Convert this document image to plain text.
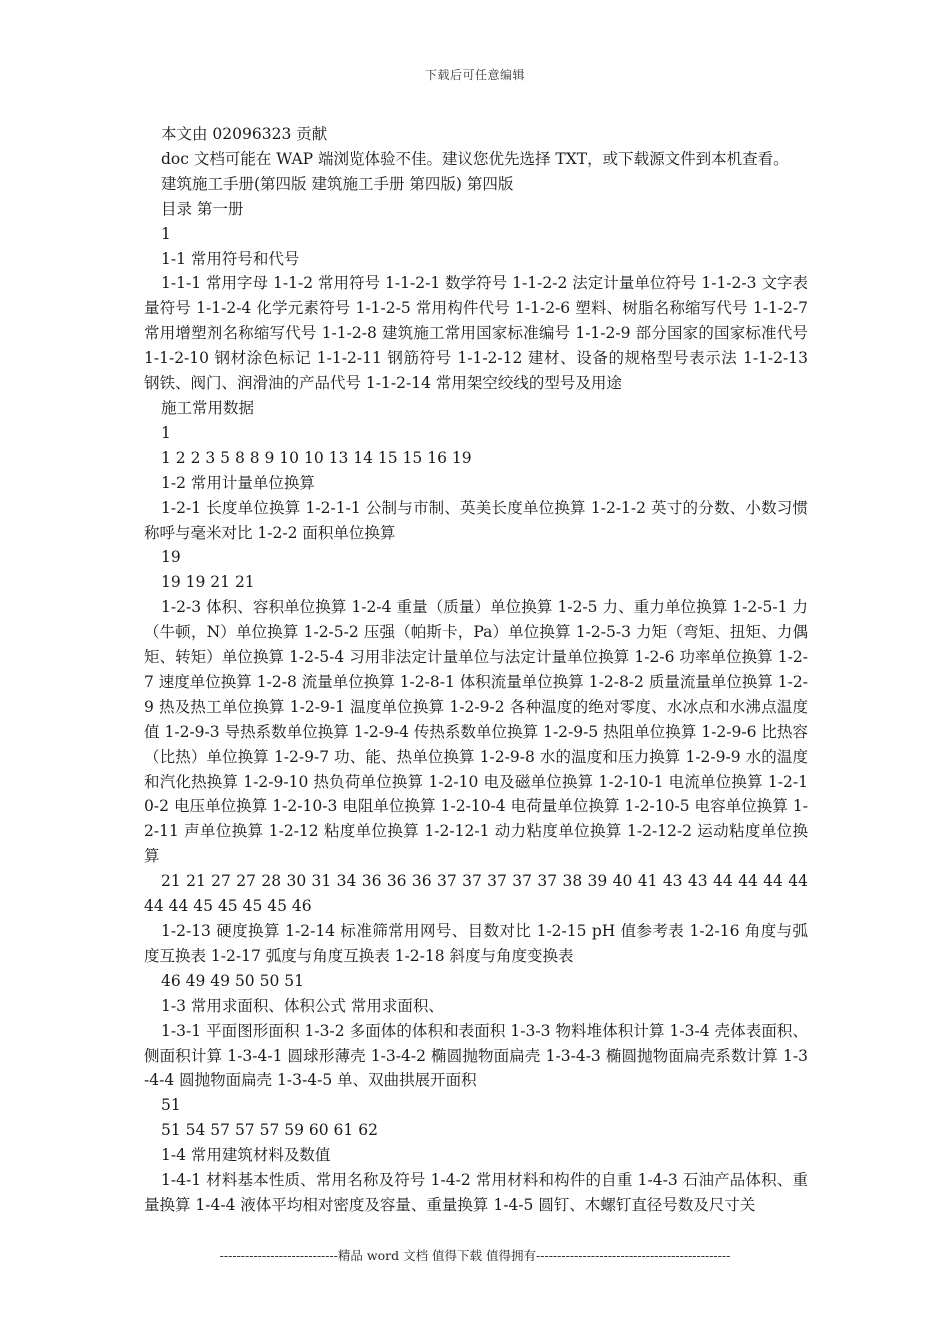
下载后可任意编辑

本文由 02096323 贡献

doc 文档可能在 WAP 端浏览体验不佳。建议您优先选择 TXT，或下载源文件到本机查看。

建筑施工手册(第四版 建筑施工手册 第四版) 第四版

目录 第一册

1

1-1 常用符号和代号

1-1-1 常用字母 1-1-2 常用符号 1-1-2-1 数学符号 1-1-2-2 法定计量单位符号 1-1-2-3 文字表量符号 1-1-2-4 化学元素符号 1-1-2-5 常用构件代号 1-1-2-6 塑料、树脂名称缩写代号 1-1-2-7 常用增塑剂名称缩写代号 1-1-2-8 建筑施工常用国家标准编号 1-1-2-9 部分国家的国家标准代号 1-1-2-10 钢材涂色标记 1-1-2-11 钢筋符号 1-1-2-12 建材、设备的规格型号表示法 1-1-2-13 钢铁、阀门、润滑油的产品代号 1-1-2-14 常用架空绞线的型号及用途

施工常用数据

1

1 2 2 3 5 8 8 9 10 10 13 14 15 15 16 19

1-2 常用计量单位换算

1-2-1 长度单位换算 1-2-1-1 公制与市制、英美长度单位换算 1-2-1-2 英寸的分数、小数习惯称呼与毫米对比 1-2-2 面积单位换算

19

19 19 21 21

1-2-3 体积、容积单位换算 1-2-4 重量（质量）单位换算 1-2-5 力、重力单位换算 1-2-5-1 力（牛顿，N）单位换算 1-2-5-2 压强（帕斯卡，Pa）单位换算 1-2-5-3 力矩（弯矩、扭矩、力偶矩、转矩）单位换算 1-2-5-4 习用非法定计量单位与法定计量单位换算 1-2-6 功率单位换算 1-2-7 速度单位换算 1-2-8 流量单位换算 1-2-8-1 体积流量单位换算 1-2-8-2 质量流量单位换算 1-2-9 热及热工单位换算 1-2-9-1 温度单位换算 1-2-9-2 各种温度的绝对零度、水冰点和水沸点温度值 1-2-9-3 导热系数单位换算 1-2-9-4 传热系数单位换算 1-2-9-5 热阻单位换算 1-2-9-6 比热容（比热）单位换算 1-2-9-7 功、能、热单位换算 1-2-9-8 水的温度和压力换算 1-2-9-9 水的温度和汽化热换算 1-2-9-10 热负荷单位换算 1-2-10 电及磁单位换算 1-2-10-1 电流单位换算 1-2-10-2 电压单位换算 1-2-10-3 电阻单位换算 1-2-10-4 电荷量单位换算 1-2-10-5 电容单位换算 1-2-11 声单位换算 1-2-12 粘度单位换算 1-2-12-1 动力粘度单位换算 1-2-12-2 运动粘度单位换算

21 21 27 27 28 30 31 34 36 36 36 37 37 37 37 37 38 39 40 41 43 43 44 44 44 44 44 44 45 45 45 45 46

1-2-13 硬度换算 1-2-14 标准筛常用网号、目数对比 1-2-15 pH 值参考表 1-2-16 角度与弧度互换表 1-2-17 弧度与角度互换表 1-2-18 斜度与角度变换表

46 49 49 50 50 51

1-3 常用求面积、体积公式 常用求面积、

1-3-1 平面图形面积 1-3-2 多面体的体积和表面积 1-3-3 物料堆体积计算 1-3-4 壳体表面积、侧面积计算 1-3-4-1 圆球形薄壳 1-3-4-2 椭圆抛物面扁壳 1-3-4-3 椭圆抛物面扁壳系数计算 1-3-4-4 圆抛物面扁壳 1-3-4-5 单、双曲拱展开面积

51

51 54 57 57 57 59 60 61 62

1-4 常用建筑材料及数值

1-4-1 材料基本性质、常用名称及符号 1-4-2 常用材料和构件的自重 1-4-3 石油产品体积、重量换算 1-4-4 液体平均相对密度及容量、重量换算 1-4-5 圆钉、木螺钉直径号数及尺寸关

----------------------------精品 word 文档 值得下载 值得拥有----------------------------------------------
